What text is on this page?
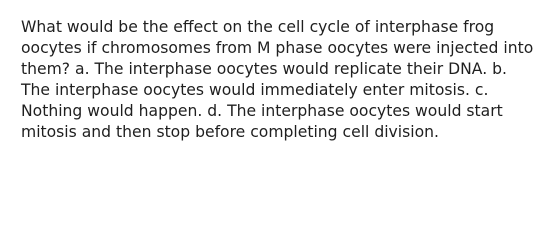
What would be the effect on the cell cycle of interphase frog
oocytes if chromosomes from M phase oocytes were injected into
them? a. The interphase oocytes would replicate their DNA. b.
The interphase oocytes would immediately enter mitosis. c.
Nothing would happen. d. The interphase oocytes would start
mitosis and then stop before completing cell division.
